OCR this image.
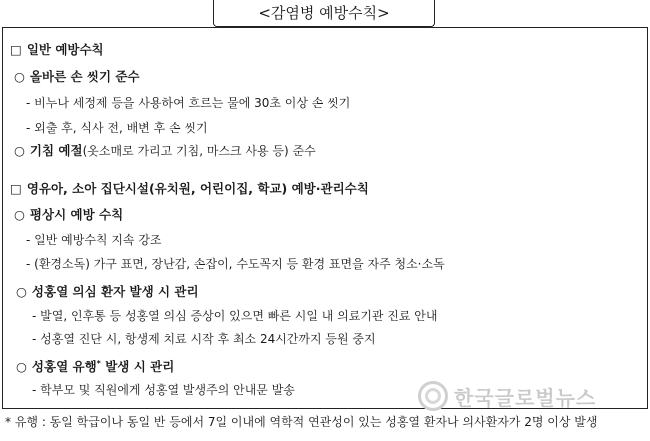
<감염병 예방수칙>
□ 일반 예방수칙
○ 올바른 손 씻기 준수
- 비누나 세정제 등을 사용하여 흐르는 물에 30초 이상 손 씻기
- 외출 후, 식사 전, 배변 후 손 씻기
○ 기침 예절(옷소매로 가리고 기침, 마스크 사용 등) 준수
□ 영유아, 소아 집단시설(유치원, 어린이집, 학교) 예방·관리수칙
○ 평상시 예방 수칙
- 일반 예방수칙 지속 강조
- (환경소독) 가구 표면, 장난감, 손잡이, 수도꼭지 등 환경 표면을 자주 청소·소독
○ 성홍열 의심 환자 발생 시 관리
- 발열, 인후통 등 성홍열 의심 증상이 있으면 빠른 시일 내 의료기관 진료 안내
- 성홍열 진단 시, 항생제 치료 시작 후 최소 24시간까지 등원 중지
○ 성홍열 유행* 발생 시 관리
- 학부모 및 직원에게 성홍열 발생주의 안내문 발송
* 유행 : 동일 학급이나 동일 반 등에서 7일 이내에 역학적 연관성이 있는 성홍열 환자나 의사환자가 2명 이상 발생
한국글로벌뉴스
